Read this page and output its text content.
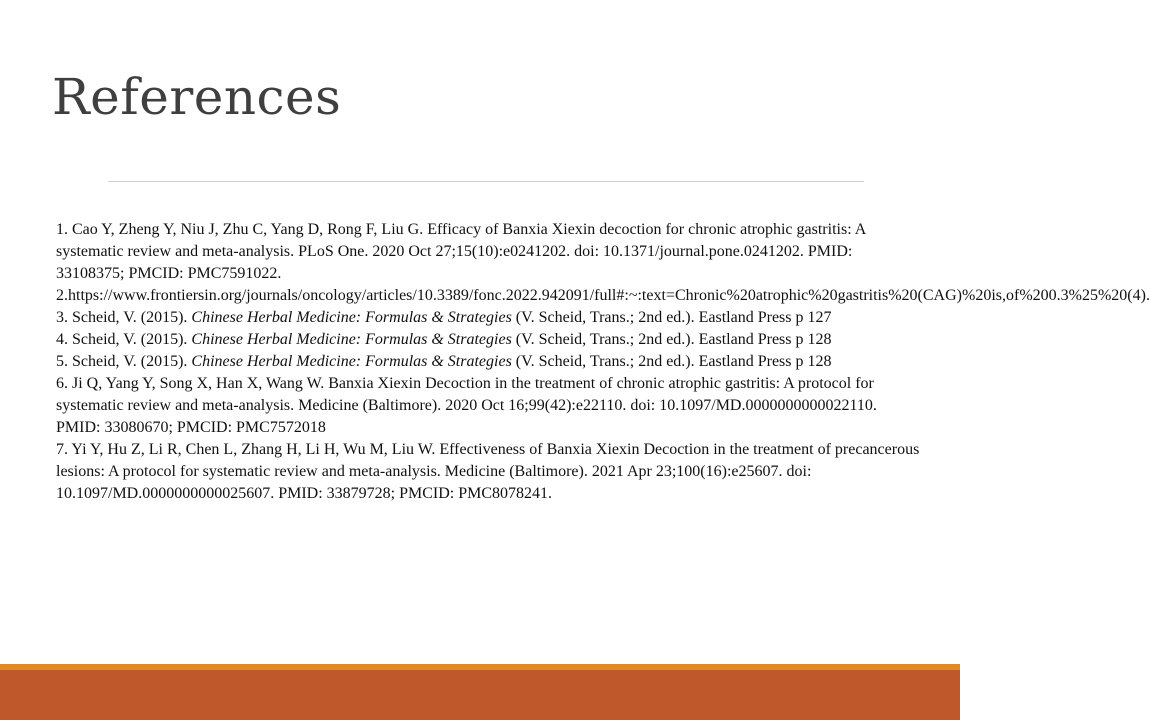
References

1. Cao Y, Zheng Y, Niu J, Zhu C, Yang D, Rong F, Liu G. Efficacy of Banxia Xiexin decoction for chronic atrophic gastritis: A systematic review and meta-analysis. PLoS One. 2020 Oct 27;15(10):e0241202. doi: 10.1371/journal.pone.0241202. PMID: 33108375; PMCID: PMC7591022.

2.https://www.frontiersin.org/journals/oncology/articles/10.3389/fonc.2022.942091/full#:~:text=Chronic%20atrophic%20gastritis%20(CAG)%20is,of%200.3%25%20(4).

3. Scheid, V. (2015). Chinese Herbal Medicine: Formulas & Strategies (V. Scheid, Trans.; 2nd ed.). Eastland Press p 127

4. Scheid, V. (2015). Chinese Herbal Medicine: Formulas & Strategies (V. Scheid, Trans.; 2nd ed.). Eastland Press p 128

5. Scheid, V. (2015). Chinese Herbal Medicine: Formulas & Strategies (V. Scheid, Trans.; 2nd ed.). Eastland Press p 128

6. Ji Q, Yang Y, Song X, Han X, Wang W. Banxia Xiexin Decoction in the treatment of chronic atrophic gastritis: A protocol for systematic review and meta-analysis. Medicine (Baltimore). 2020 Oct 16;99(42):e22110. doi: 10.1097/MD.0000000000022110. PMID: 33080670; PMCID: PMC7572018

7. Yi Y, Hu Z, Li R, Chen L, Zhang H, Li H, Wu M, Liu W. Effectiveness of Banxia Xiexin Decoction in the treatment of precancerous lesions: A protocol for systematic review and meta-analysis. Medicine (Baltimore). 2021 Apr 23;100(16):e25607. doi: 10.1097/MD.0000000000025607. PMID: 33879728; PMCID: PMC8078241.
